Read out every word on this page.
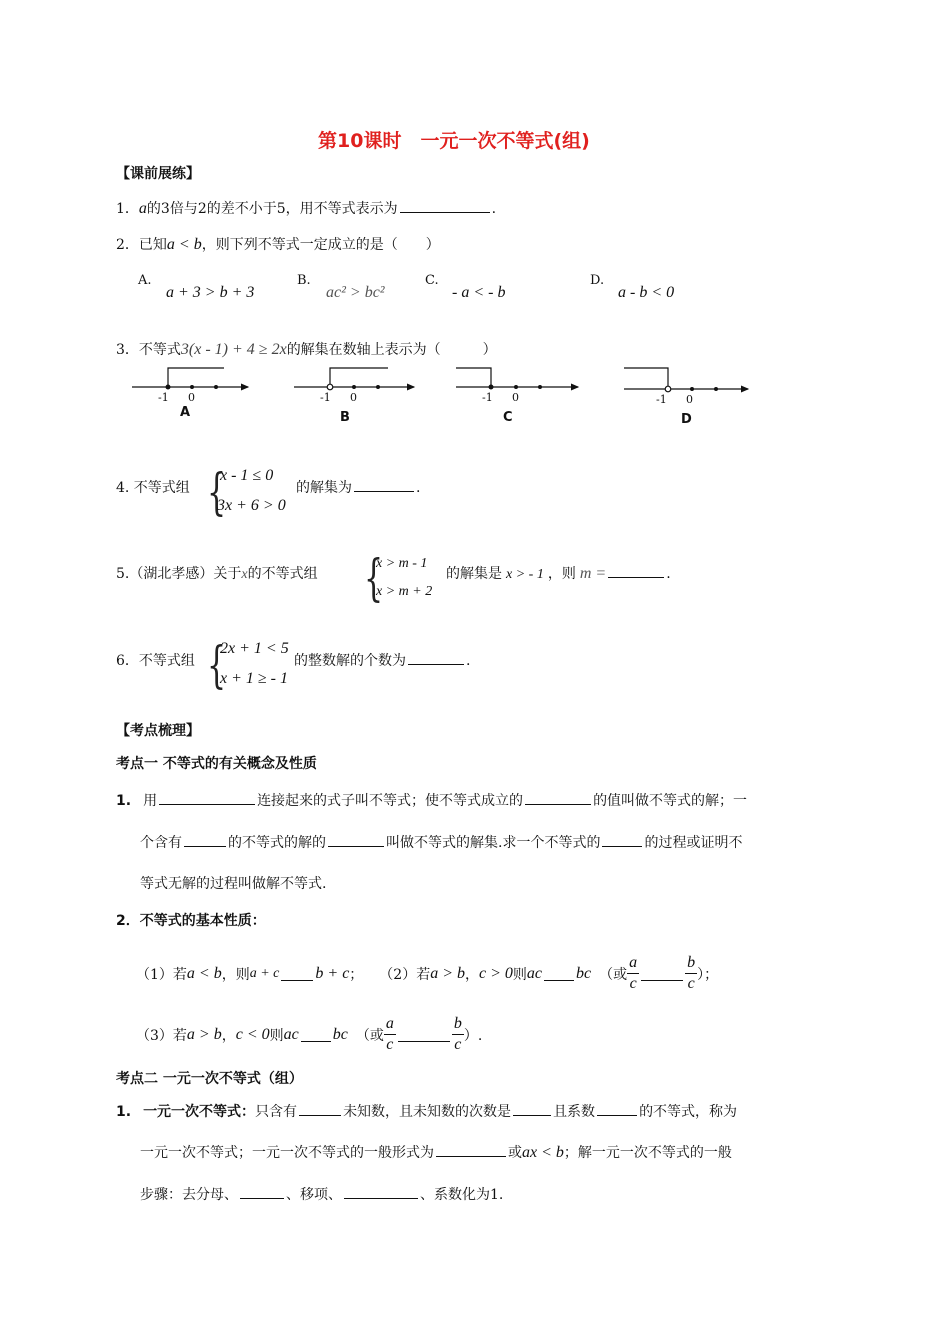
第10课时　一元一次不等式(组)
【课前展练】
1．a的3倍与2的差不小于5，用不等式表示为	.
2．已知a < b，则下列不等式一定成立的是（　　）
A.
a + 3 > b + 3
B.
ac² > bc²
C.
- a < - b
D.
a - b < 0
3．不等式3(x - 1) + 4 ≥ 2x的解集在数轴上表示为（　　　）
-1 0	-1 0	-1 0	-1 0
A	B	C	D
4. 不等式组 {
x - 1 ≤ 0
3x + 6 > 0
的解集为	.
5.（湖北孝感）关于x的不等式组 {
x > m - 1
x > m + 2
的解集是 x > - 1 ，则 m =	.
6．不等式组 {
2x + 1 < 5
x + 1 ≥ - 1
的整数解的个数为	.
【考点梳理】
考点一 不等式的有关概念及性质
1. 用	连接起来的式子叫不等式；使不等式成立的	的值叫做不等式的解；一
个含有	的不等式的解的	叫做不等式的解集.求一个不等式的	的过程或证明不
等式无解的过程叫做解不等式.
2．不等式的基本性质：
（1）若 a < b ，则 a + c b + c ； （2）若 a > b ， c > 0 则 ac bc （或 $\frac{a}{c}$	$\frac{b}{c}$ ）；
（3）若 a > b ， c < 0 则 ac bc （或 $\frac{a}{c}$	$\frac{b}{c}$ ）.
考点二 一元一次不等式（组）
1. 一元一次不等式：只含有	未知数，且未知数的次数是	且系数	的不等式，称为
一元一次不等式；一元一次不等式的一般形式为	或ax < b；解一元一次不等式的一般
步骤：去分母、	、移项、	、系数化为1.
